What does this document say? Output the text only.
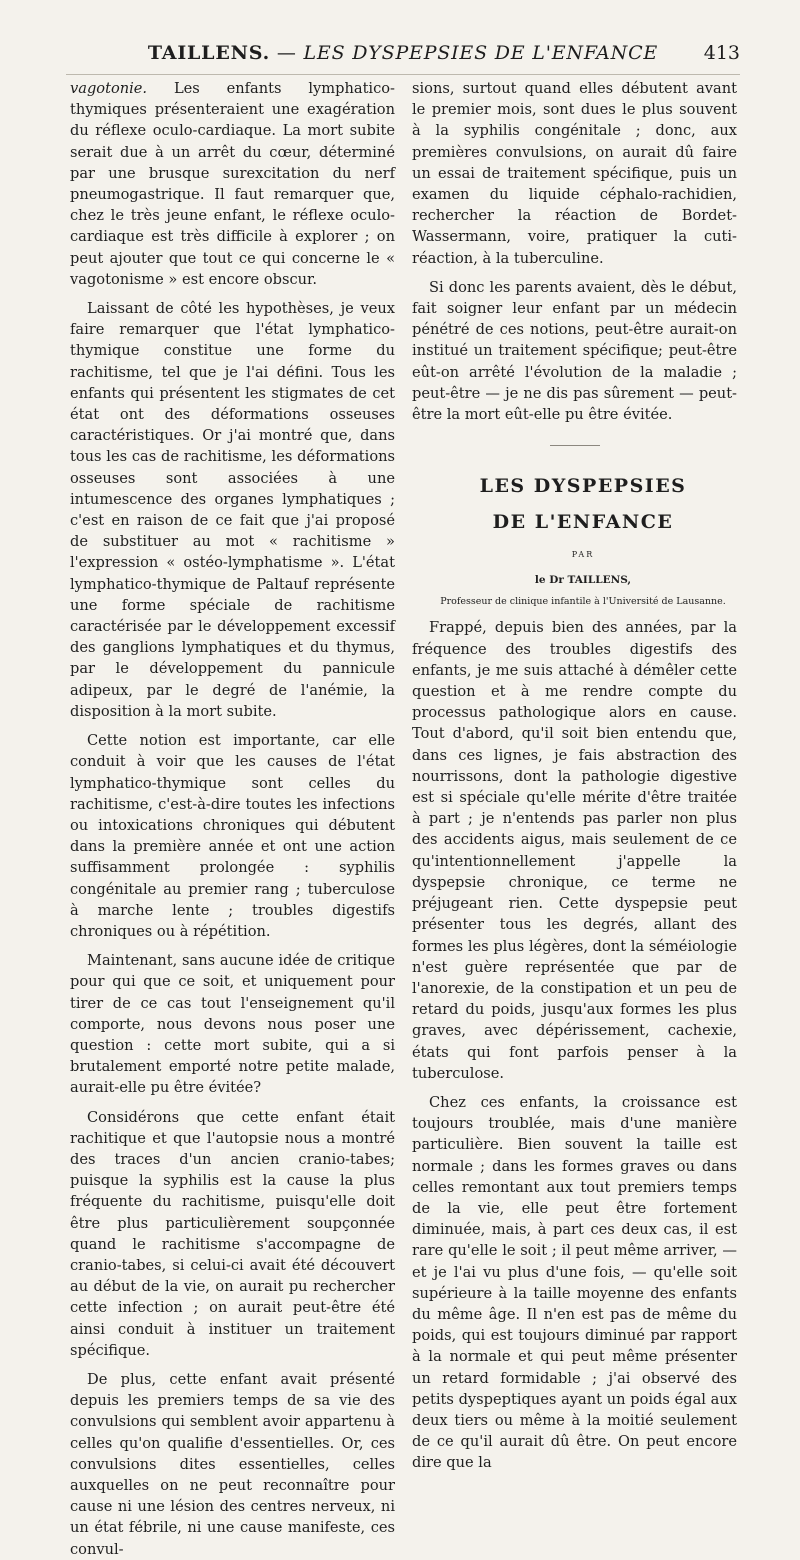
TAILLENS. — LES DYSPEPSIES DE L'ENFANCE	413

vagotonie. Les enfants lymphatico-thymiques présenteraient une exagération du réflexe oculo-cardiaque. La mort subite serait due à un arrêt du cœur, déterminé par une brusque surexcitation du nerf pneumogastrique. Il faut remarquer que, chez le très jeune enfant, le réflexe oculo-cardiaque est très difficile à explorer ; on peut ajouter que tout ce qui concerne le « vagotonisme » est encore obscur.

Laissant de côté les hypothèses, je veux faire remarquer que l'état lymphatico-thymique constitue une forme du rachitisme, tel que je l'ai défini. Tous les enfants qui présentent les stigmates de cet état ont des déformations osseuses caractéristiques. Or j'ai montré que, dans tous les cas de rachitisme, les déformations osseuses sont associées à une intumescence des organes lymphatiques ; c'est en raison de ce fait que j'ai proposé de substituer au mot « rachitisme » l'expression « ostéo-lymphatisme ». L'état lymphatico-thymique de Paltauf représente une forme spéciale de rachitisme caractérisée par le développement excessif des ganglions lymphatiques et du thymus, par le développement du pannicule adipeux, par le degré de l'anémie, la disposition à la mort subite.

Cette notion est importante, car elle conduit à voir que les causes de l'état lymphatico-thymique sont celles du rachitisme, c'est-à-dire toutes les infections ou intoxications chroniques qui débutent dans la première année et ont une action suffisamment prolongée : syphilis congénitale au premier rang ; tuberculose à marche lente ; troubles digestifs chroniques ou à répétition.

Maintenant, sans aucune idée de critique pour qui que ce soit, et uniquement pour tirer de ce cas tout l'enseignement qu'il comporte, nous devons nous poser une question : cette mort subite, qui a si brutalement emporté notre petite malade, aurait-elle pu être évitée?

Considérons que cette enfant était rachitique et que l'autopsie nous a montré des traces d'un ancien cranio-tabes; puisque la syphilis est la cause la plus fréquente du rachitisme, puisqu'elle doit être plus particulièrement soupçonnée quand le rachitisme s'accompagne de cranio-tabes, si celui-ci avait été découvert au début de la vie, on aurait pu rechercher cette infection ; on aurait peut-être été ainsi conduit à instituer un traitement spécifique.

De plus, cette enfant avait présenté depuis les premiers temps de sa vie des convulsions qui semblent avoir appartenu à celles qu'on qualifie d'essentielles. Or, ces convulsions dites essentielles, celles auxquelles on ne peut reconnaître pour cause ni une lésion des centres nerveux, ni un état fébrile, ni une cause manifeste, ces convul-

sions, surtout quand elles débutent avant le premier mois, sont dues le plus souvent à la syphilis congénitale ; donc, aux premières convulsions, on aurait dû faire un essai de traitement spécifique, puis un examen du liquide céphalo-rachidien, rechercher la réaction de Bordet-Wassermann, voire, pratiquer la cuti-réaction, à la tuberculine.

Si donc les parents avaient, dès le début, fait soigner leur enfant par un médecin pénétré de ces notions, peut-être aurait-on institué un traitement spécifique; peut-être eût-on arrêté l'évolution de la maladie ; peut-être — je ne dis pas sûrement — peut-être la mort eût-elle pu être évitée.

LES DYSPEPSIES

DE L'ENFANCE

PAR

le Dr TAILLENS,

Professeur de clinique infantile à l'Université de Lausanne.

Frappé, depuis bien des années, par la fréquence des troubles digestifs des enfants, je me suis attaché à démêler cette question et à me rendre compte du processus pathologique alors en cause. Tout d'abord, qu'il soit bien entendu que, dans ces lignes, je fais abstraction des nourrissons, dont la pathologie digestive est si spéciale qu'elle mérite d'être traitée à part ; je n'entends pas parler non plus des accidents aigus, mais seulement de ce qu'intentionnellement j'appelle la dyspepsie chronique, ce terme ne préjugeant rien. Cette dyspepsie peut présenter tous les degrés, allant des formes les plus légères, dont la séméiologie n'est guère représentée que par de l'anorexie, de la constipation et un peu de retard du poids, jusqu'aux formes les plus graves, avec dépérissement, cachexie, états qui font parfois penser à la tuberculose.

Chez ces enfants, la croissance est toujours troublée, mais d'une manière particulière. Bien souvent la taille est normale ; dans les formes graves ou dans celles remontant aux tout premiers temps de la vie, elle peut être fortement diminuée, mais, à part ces deux cas, il est rare qu'elle le soit ; il peut même arriver, — et je l'ai vu plus d'une fois, — qu'elle soit supérieure à la taille moyenne des enfants du même âge. Il n'en est pas de même du poids, qui est toujours diminué par rapport à la normale et qui peut même présenter un retard formidable ; j'ai observé des petits dyspeptiques ayant un poids égal aux deux tiers ou même à la moitié seulement de ce qu'il aurait dû être. On peut encore dire que la
